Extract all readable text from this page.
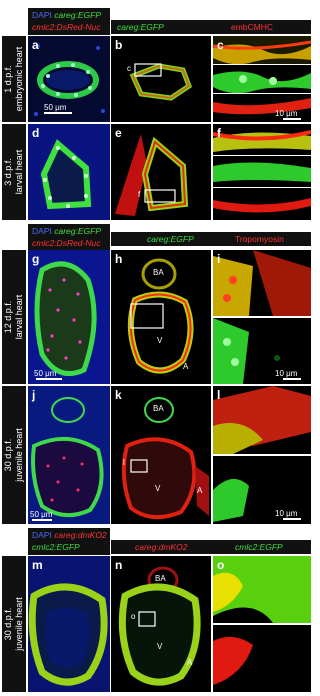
DAPI careg:EGFP
cmlc2:DsRed-Nuc	careg:EGFP	embCMHC
1 d.p.f.
embryonic heart
3 d.p.f.
larval heart
a
50 μm
b
c
c
10 μm
d	e
f
f
DAPI careg:EGFP
cmlc2:DsRed-Nuc	careg:EGFP	Tropomyosin
12 d.p.f.
larval heart
30 d.p.f.
juvenile heart
g
50 μm
h
BA
V
A
i
10 μm
j
50 μm
k
BA
l
V	A
l
10 μm
DAPI careg:dmKO2
cmlc2:EGFP	careg:dmKO2	cmlc2:EGFP
30 d.p.f.
juvenile heart
m	n
BA
o
V
A
o
